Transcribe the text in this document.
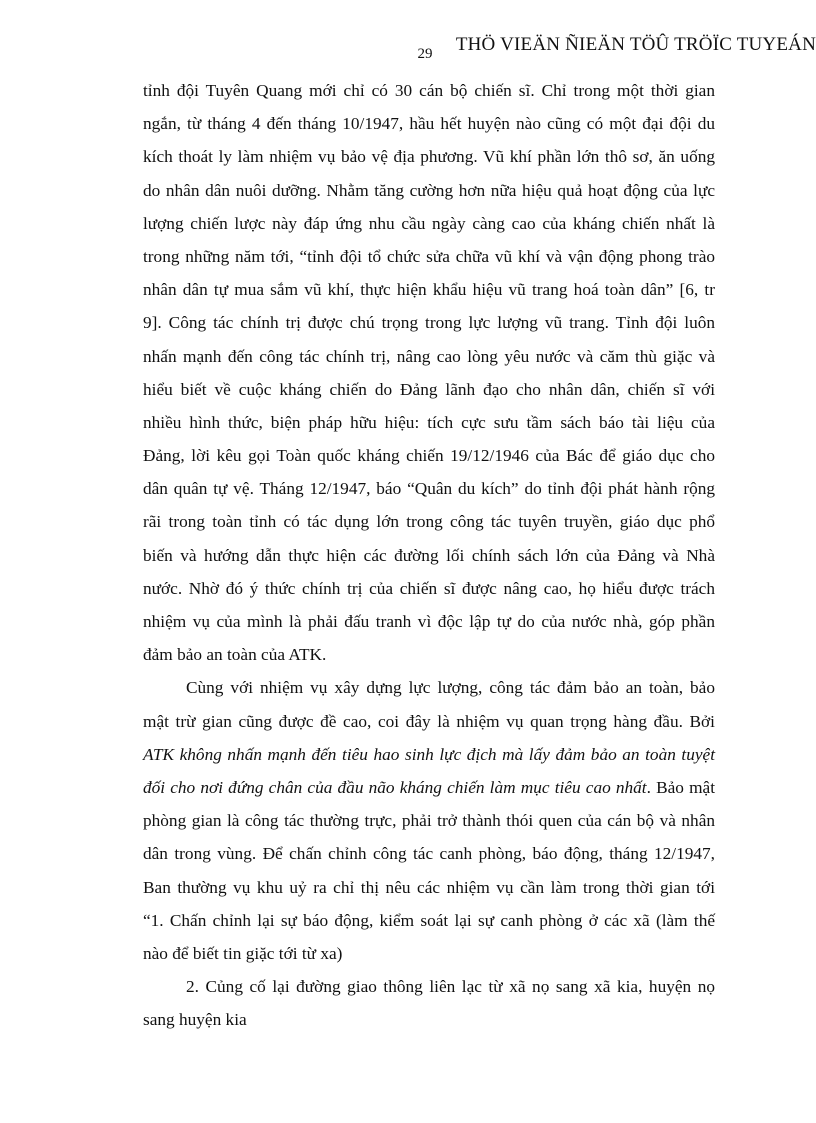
29	THÖ VIEÄN ÑIEÄN TÖÛ TRÖÏC TUYEÁN
tỉnh đội Tuyên Quang mới chỉ có 30 cán bộ chiến sĩ. Chỉ trong một thời gian
ngắn, từ tháng 4 đến tháng 10/1947, hầu hết huyện nào cũng có một đại đội du
kích thoát ly làm nhiệm vụ bảo vệ địa phương. Vũ khí phần lớn thô sơ, ăn uống
do nhân dân nuôi dưỡng. Nhằm tăng cường hơn nữa hiệu quả hoạt động của lực
lượng chiến lược này đáp ứng nhu cầu ngày càng cao của kháng chiến nhất là
trong những năm tới, “tỉnh đội tổ chức sửa chữa vũ khí và vận động phong trào
nhân dân tự mua sắm vũ khí, thực hiện khẩu hiệu vũ trang hoá toàn dân” [6, tr
9]. Công tác chính trị được chú trọng trong lực lượng vũ trang. Tỉnh đội luôn
nhấn mạnh đến công tác chính trị, nâng cao lòng yêu nước và căm thù giặc và
hiểu biết về cuộc kháng chiến do Đảng lãnh đạo cho nhân dân, chiến sĩ với
nhiều hình thức, biện pháp hữu hiệu: tích cực sưu tầm sách báo tài liệu của
Đảng, lời kêu gọi Toàn quốc kháng chiến 19/12/1946 của Bác để giáo dục cho
dân quân tự vệ. Tháng 12/1947, báo “Quân du kích” do tỉnh đội phát hành rộng
rãi trong toàn tỉnh có tác dụng lớn trong công tác tuyên truyền, giáo dục phổ
biến và hướng dẫn thực hiện các đường lối chính sách lớn của Đảng và Nhà
nước. Nhờ đó ý thức chính trị của chiến sĩ được nâng cao, họ hiểu được trách
nhiệm vụ của mình là phải đấu tranh vì độc lập tự do của nước nhà, góp phần
đảm bảo an toàn của ATK.
Cùng với nhiệm vụ xây dựng lực lượng, công tác đảm bảo an toàn, bảo
mật trừ gian cũng được đề cao, coi đây là nhiệm vụ quan trọng hàng đầu. Bởi
ATK không nhấn mạnh đến tiêu hao sinh lực địch mà lấy đảm bảo an toàn tuyệt
đối cho nơi đứng chân của đầu não kháng chiến làm mục tiêu cao nhất. Bảo mật
phòng gian là công tác thường trực, phải trở thành thói quen của cán bộ và nhân
dân trong vùng. Để chấn chỉnh công tác canh phòng, báo động, tháng 12/1947,
Ban thường vụ khu uỷ ra chỉ thị nêu các nhiệm vụ cần làm trong thời gian tới
“1. Chấn chỉnh lại sự báo động, kiểm soát lại sự canh phòng ở các xã (làm thế
nào để biết tin giặc tới từ xa)
2. Củng cố lại đường giao thông liên lạc từ xã nọ sang xã kia, huyện nọ
sang huyện kia
